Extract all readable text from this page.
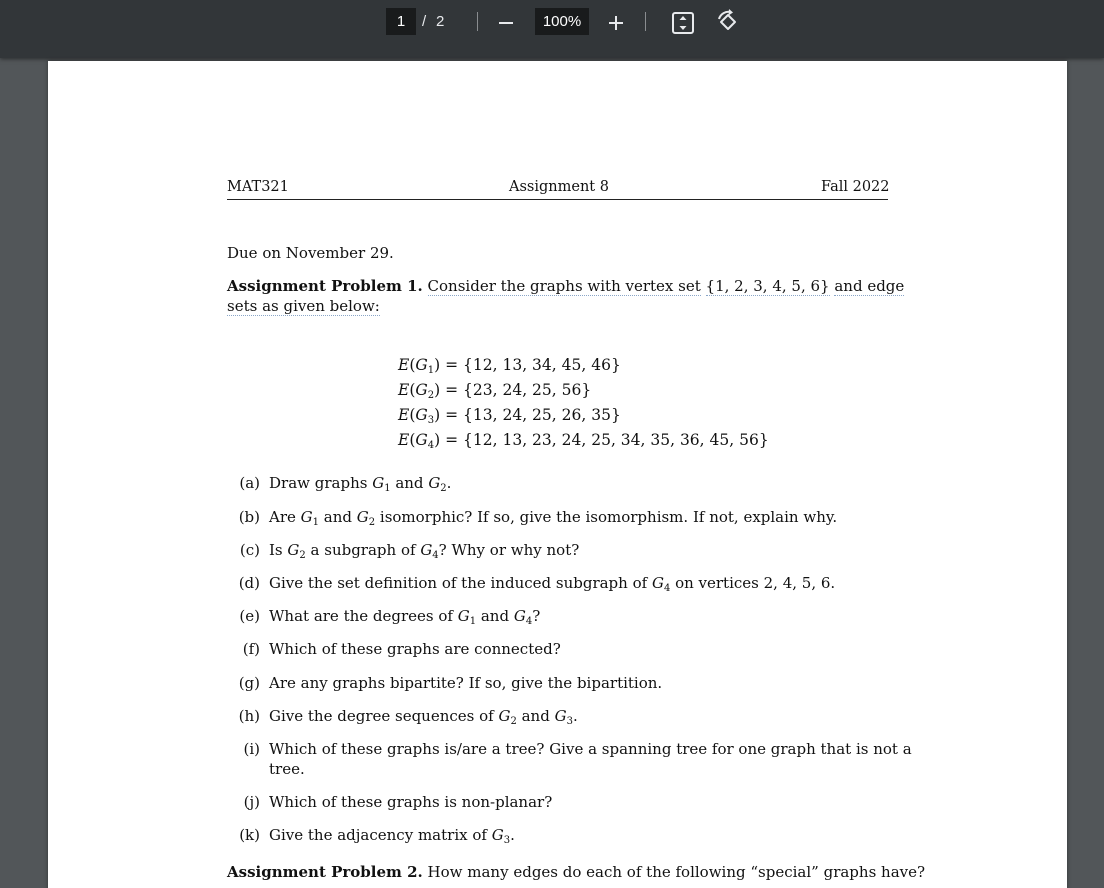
1	/ 2	100%
MAT321	Assignment 8	Fall 2022
Due on November 29.
Assignment Problem 1. Consider the graphs with vertex set {1, 2, 3, 4, 5, 6} and edge
sets as given below:
$E(G_1) = \{12$, 13, 34, 45, 46}
$E(G_2) = \{23$, 24, 25, 56}
$E(G_3) = \{13$, 24, 25, 26, 35}
$E(G_4) = \{12$, 13, 23, 24, 25, 34, 35, 36, 45, 56}
(a) Draw graphs $G_1$ and $G_2$.
(b) Are $G_1$ and $G_2$ isomorphic? If so, give the isomorphism. If not, explain why.
(c) Is $G_2$ a subgraph of $G_4$? Why or why not?
(d) Give the set definition of the induced subgraph of $G_4$ on vertices 2, 4, 5, 6.
(e) What are the degrees of $G_1$ and $G_4$?
(f) Which of these graphs are connected?
(g) Are any graphs bipartite? If so, give the bipartition.
(h) Give the degree sequences of $G_2$ and $G_3$.
(i) Which of these graphs is/are a tree? Give a spanning tree for one graph that is not a
tree.
(j) Which of these graphs is non-planar?
(k) Give the adjacency matrix of $G_3$.
Assignment Problem 2. How many edges do each of the following “special” graphs have?
